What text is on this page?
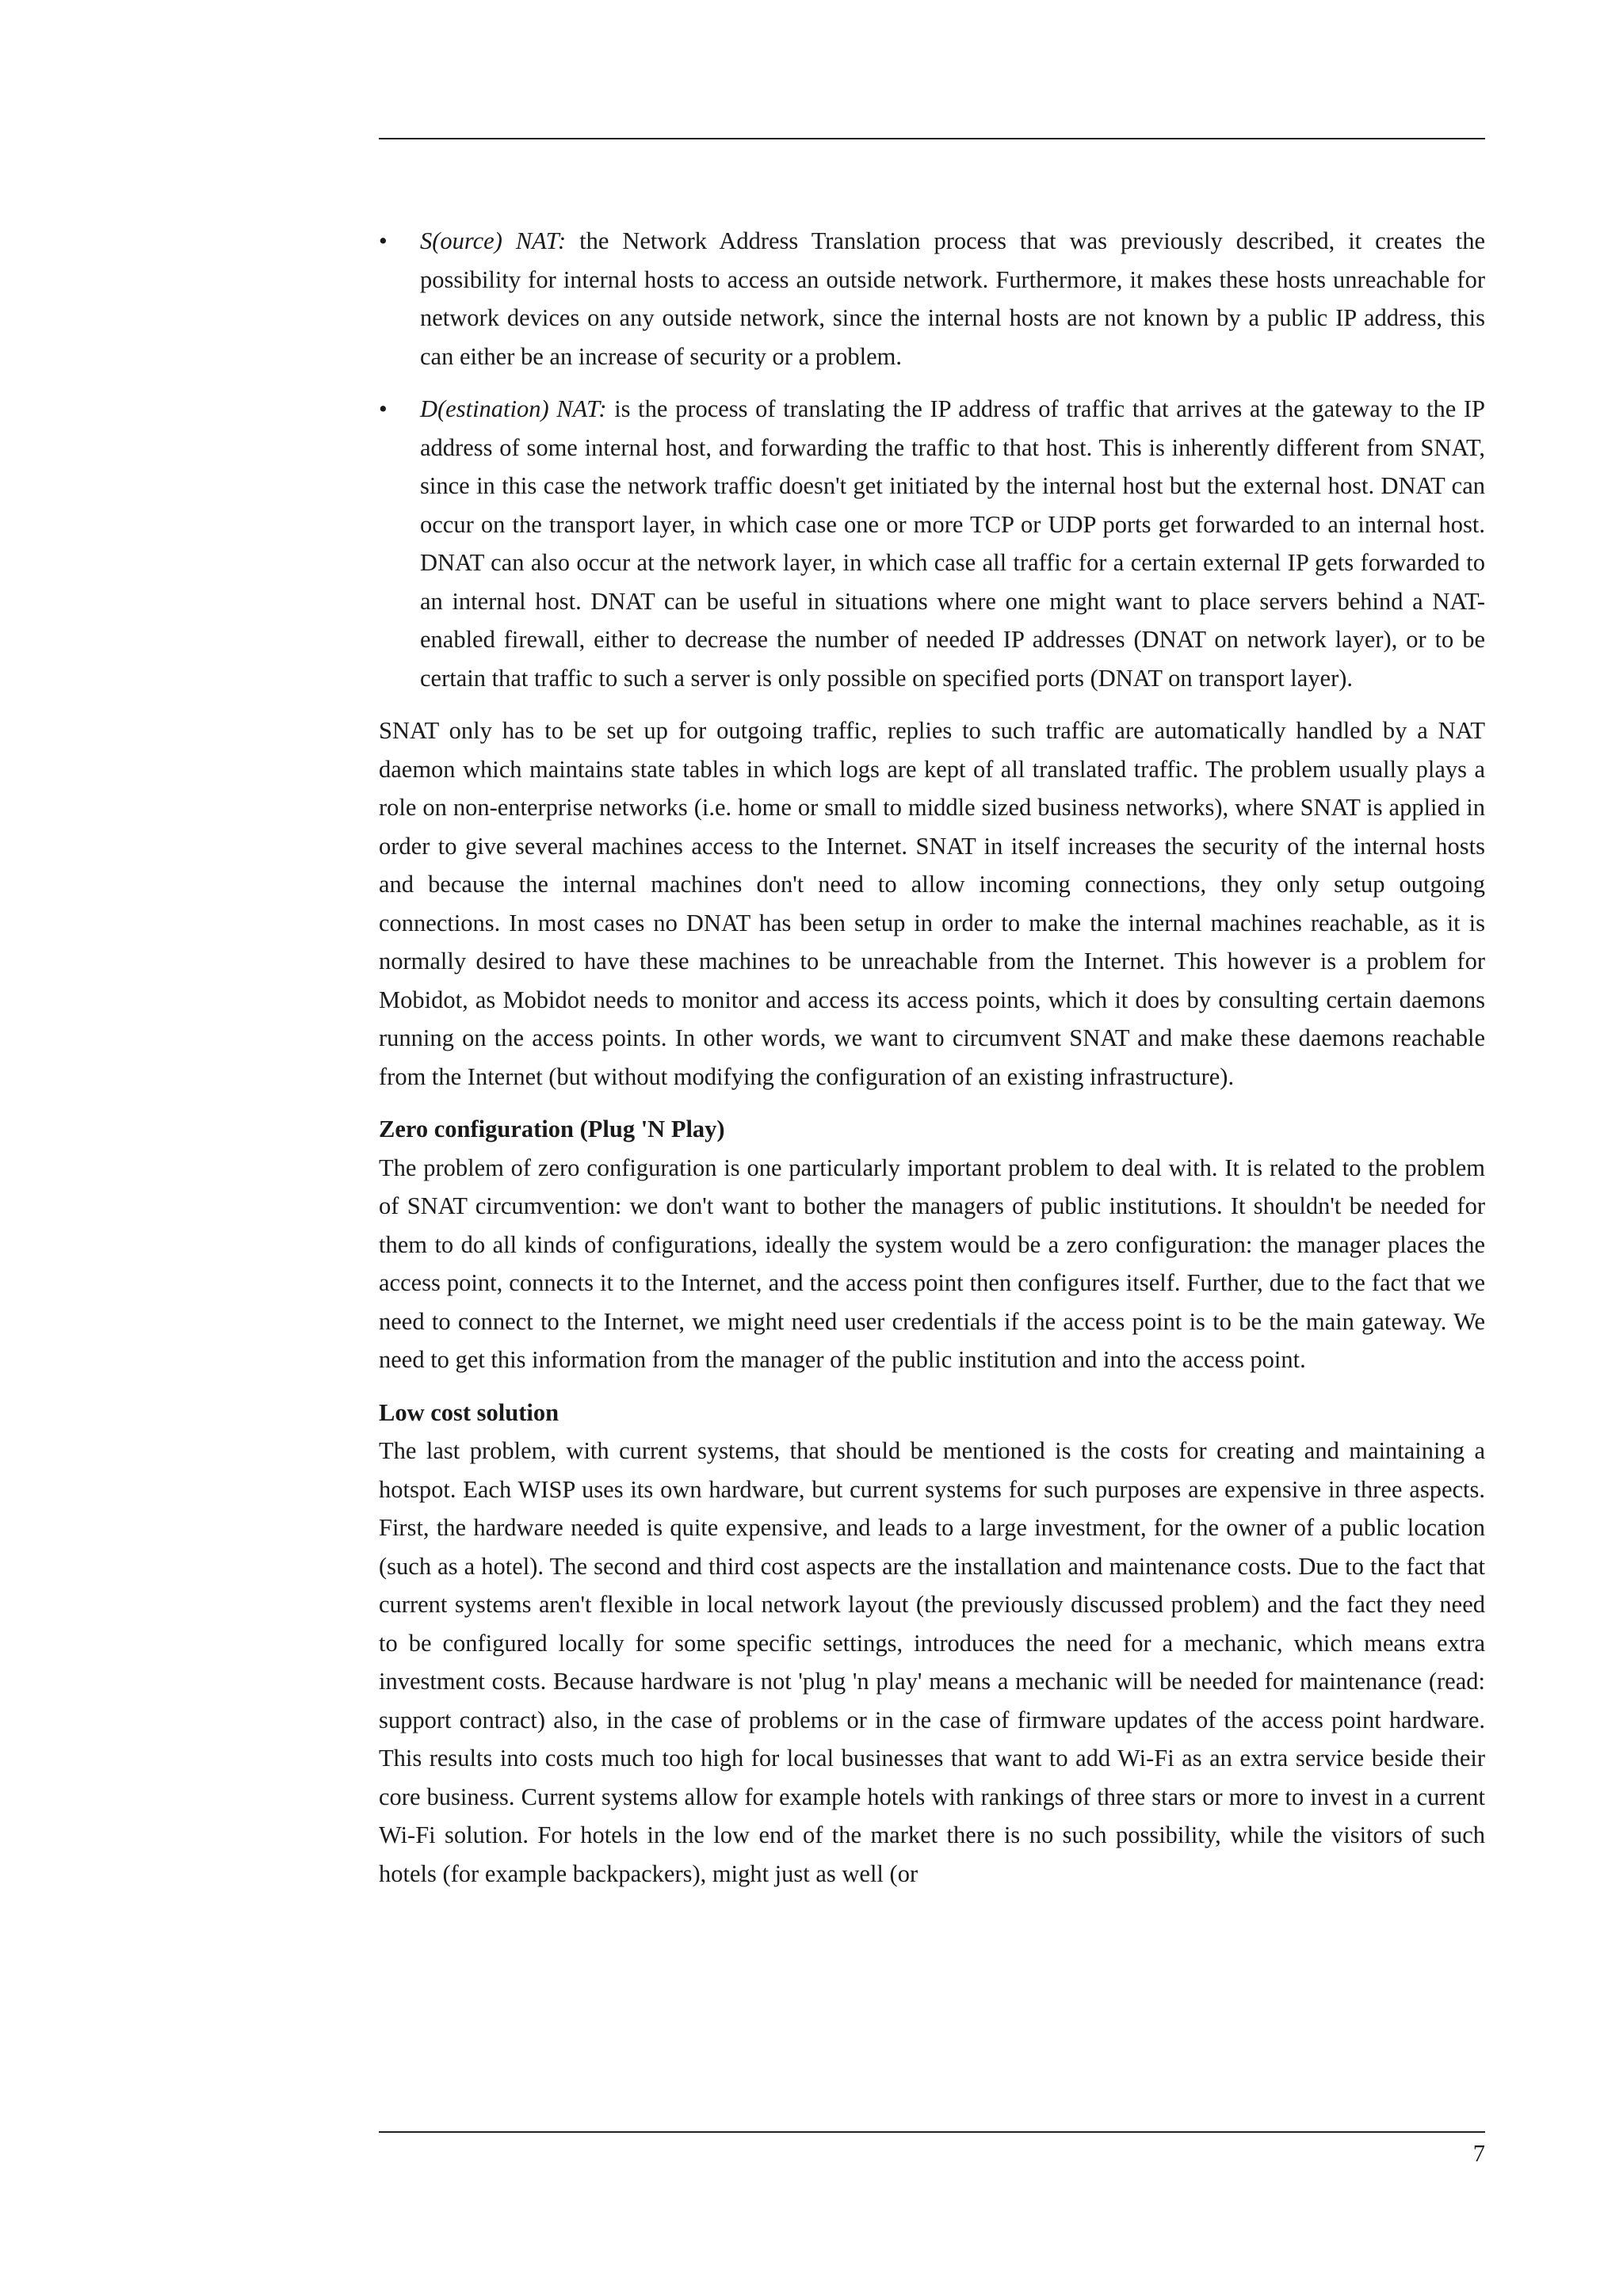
• S(ource) NAT: the Network Address Translation process that was previously described, it creates the possibility for internal hosts to access an outside network. Furthermore, it makes these hosts unreachable for network devices on any outside network, since the internal hosts are not known by a public IP address, this can either be an increase of security or a problem.
• D(estination) NAT: is the process of translating the IP address of traffic that arrives at the gateway to the IP address of some internal host, and forwarding the traffic to that host. This is inherently different from SNAT, since in this case the network traffic doesn't get initiated by the internal host but the external host. DNAT can occur on the transport layer, in which case one or more TCP or UDP ports get forwarded to an internal host. DNAT can also occur at the network layer, in which case all traffic for a certain external IP gets forwarded to an internal host. DNAT can be useful in situations where one might want to place servers behind a NAT-enabled firewall, either to decrease the number of needed IP addresses (DNAT on network layer), or to be certain that traffic to such a server is only possible on specified ports (DNAT on transport layer).

SNAT only has to be set up for outgoing traffic, replies to such traffic are automatically handled by a NAT daemon which maintains state tables in which logs are kept of all translated traffic. The problem usually plays a role on non-enterprise networks (i.e. home or small to middle sized business networks), where SNAT is applied in order to give several machines access to the Internet. SNAT in itself increases the security of the internal hosts and because the internal machines don't need to allow incoming connections, they only setup outgoing connections. In most cases no DNAT has been setup in order to make the internal machines reachable, as it is normally desired to have these machines to be unreachable from the Internet. This however is a problem for Mobidot, as Mobidot needs to monitor and access its access points, which it does by consulting certain daemons running on the access points. In other words, we want to circumvent SNAT and make these daemons reachable from the Internet (but without modifying the configuration of an existing infrastructure).

Zero configuration (Plug 'N Play)

The problem of zero configuration is one particularly important problem to deal with. It is related to the problem of SNAT circumvention: we don't want to bother the managers of public institutions. It shouldn't be needed for them to do all kinds of configurations, ideally the system would be a zero configuration: the manager places the access point, connects it to the Internet, and the access point then configures itself. Further, due to the fact that we need to connect to the Internet, we might need user credentials if the access point is to be the main gateway. We need to get this information from the manager of the public institution and into the access point.

Low cost solution

The last problem, with current systems, that should be mentioned is the costs for creating and maintaining a hotspot. Each WISP uses its own hardware, but current systems for such purposes are expensive in three aspects. First, the hardware needed is quite expensive, and leads to a large investment, for the owner of a public location (such as a hotel). The second and third cost aspects are the installation and maintenance costs. Due to the fact that current systems aren't flexible in local network layout (the previously discussed problem) and the fact they need to be configured locally for some specific settings, introduces the need for a mechanic, which means extra investment costs. Because hardware is not 'plug 'n play' means a mechanic will be needed for maintenance (read: support contract) also, in the case of problems or in the case of firmware updates of the access point hardware. This results into costs much too high for local businesses that want to add Wi-Fi as an extra service beside their core business. Current systems allow for example hotels with rankings of three stars or more to invest in a current Wi-Fi solution. For hotels in the low end of the market there is no such possibility, while the visitors of such hotels (for example backpackers), might just as well (or

7
